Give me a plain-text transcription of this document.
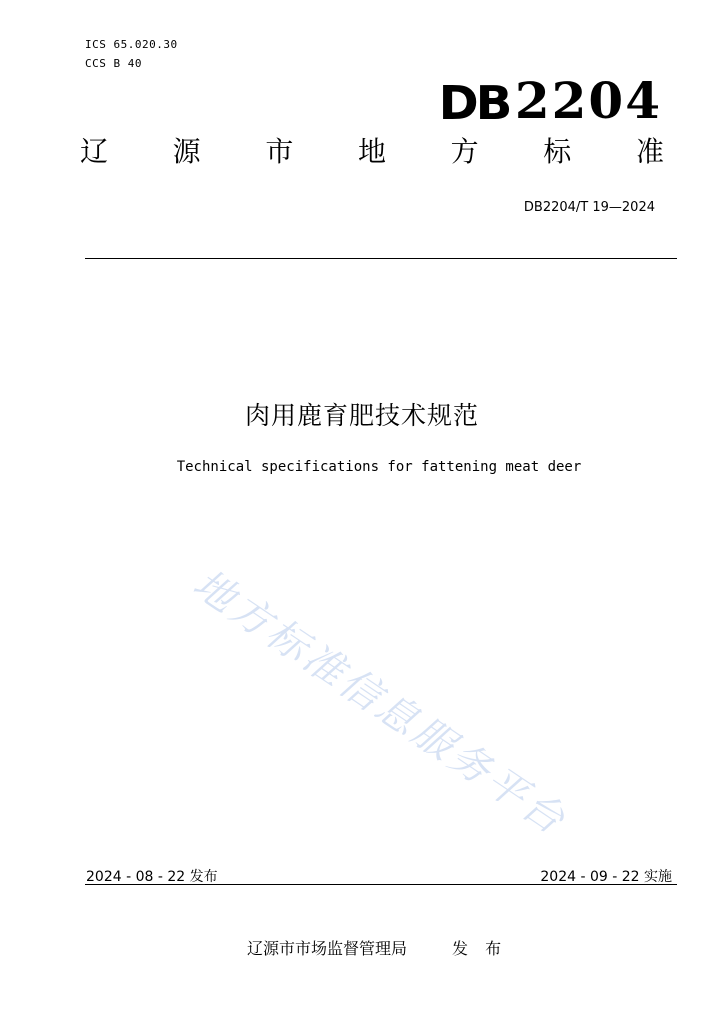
ICS 65.020.30
CCS B 40
DB 2204
辽 源 市 地 方 标 准
DB2204/T 19—2024
肉用鹿育肥技术规范
Technical specifications for fattening meat deer
地方标准信息服务平台
2024 - 08 - 22 发布	2024 - 09 - 22 实施
辽源市市场监督管理局	发 布
